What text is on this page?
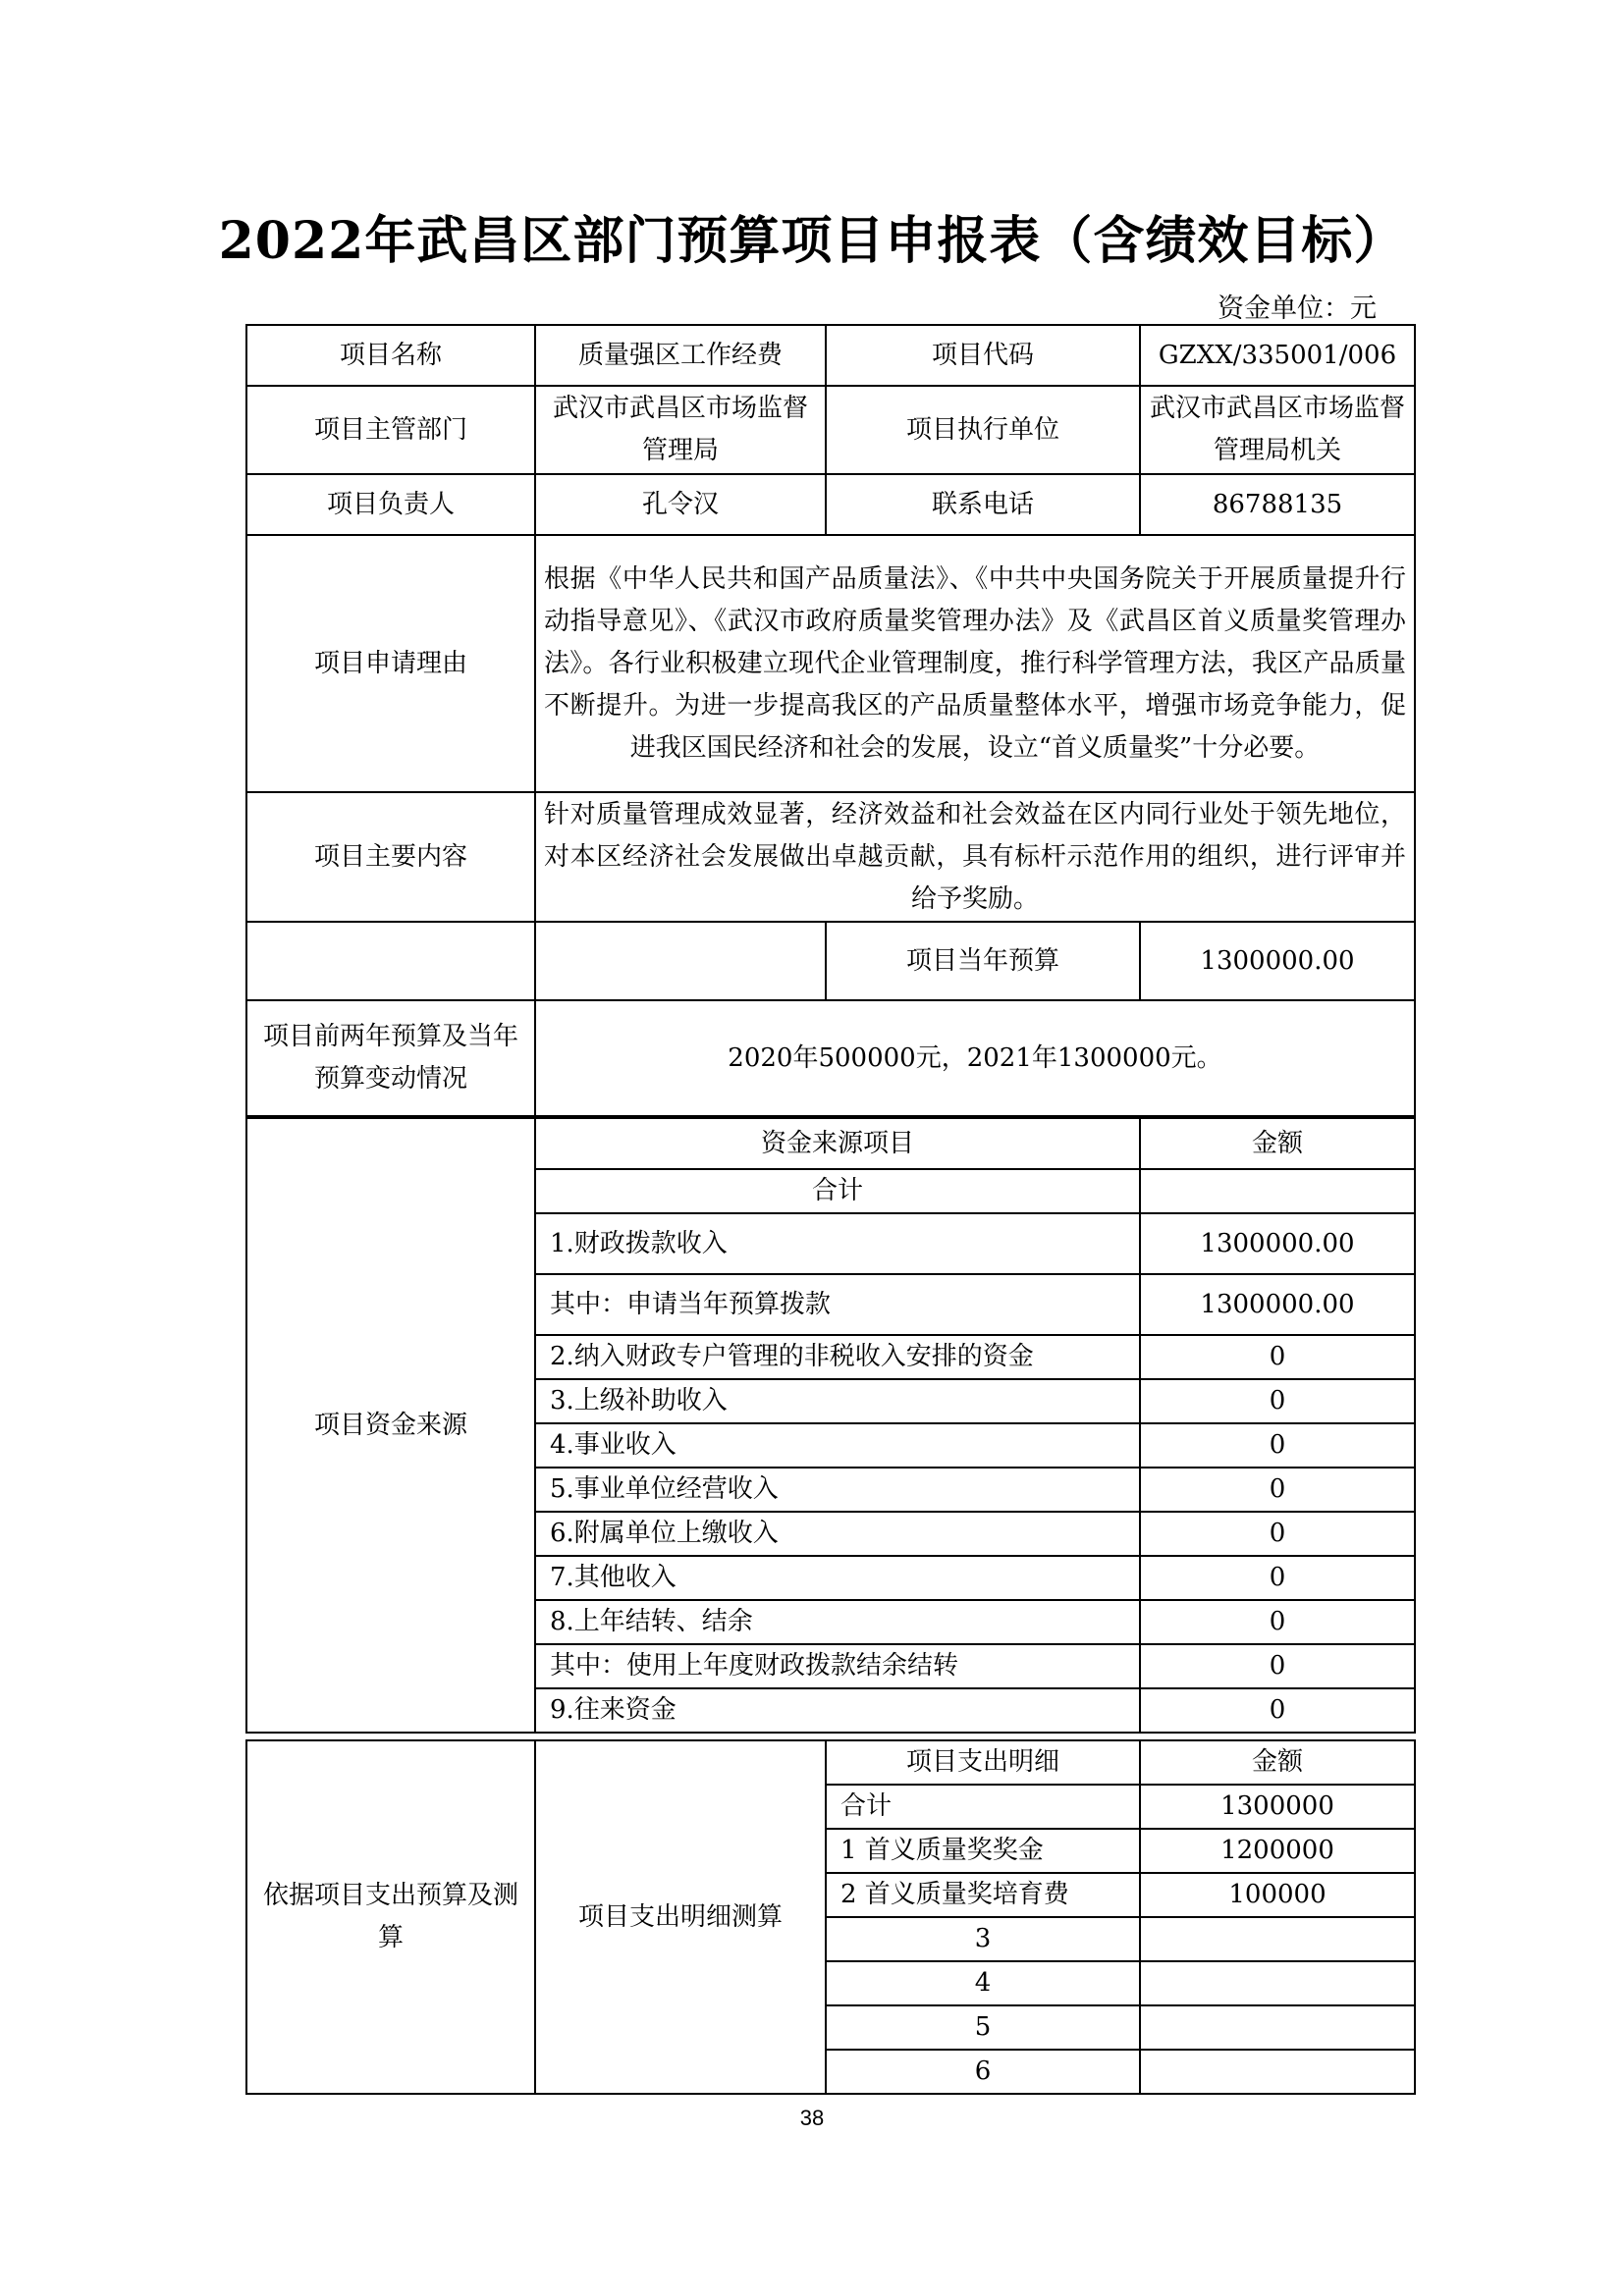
2022年武昌区部门预算项目申报表（含绩效目标）
资金单位：元
项目名称	质量强区工作经费	项目代码	GZXX/335001/006
项目主管部门	武汉市武昌区市场监督管理局	项目执行单位	武汉市武昌区市场监督管理局机关
项目负责人	孔令汉	联系电话	86788135
项目申请理由	根据《中华人民共和国产品质量法》、《中共中央国务院关于开展质量提升行动指导意见》、《武汉市政府质量奖管理办法》及《武昌区首义质量奖管理办法》。各行业积极建立现代企业管理制度，推行科学管理方法，我区产品质量不断提升。为进一步提高我区的产品质量整体水平，增强市场竞争能力，促进我区国民经济和社会的发展，设立“首义质量奖”十分必要。		
项目主要内容	针对质量管理成效显著，经济效益和社会效益在区内同行业处于领先地位，对本区经济社会发展做出卓越贡献，具有标杆示范作用的组织，进行评审并给予奖励。		
		项目当年预算	1300000.00
项目前两年预算及当年预算变动情况	2020年500000元，2021年1300000元。		
项目资金来源	资金来源项目	金额
	合计	
	1.财政拨款收入	1300000.00
	其中：申请当年预算拨款	1300000.00
	2.纳入财政专户管理的非税收入安排的资金	0
	3.上级补助收入	0
	4.事业收入	0
	5.事业单位经营收入	0
	6.附属单位上缴收入	0
	7.其他收入	0
	8.上年结转、结余	0
	其中：使用上年度财政拨款结余结转	0
	9.往来资金	0
依据项目支出预算及测算	项目支出明细测算	项目支出明细	金额
		合计	1300000
		1 首义质量奖奖金	1200000
		2 首义质量奖培育费	100000
		3	
		4	
		5	
		6	
38
